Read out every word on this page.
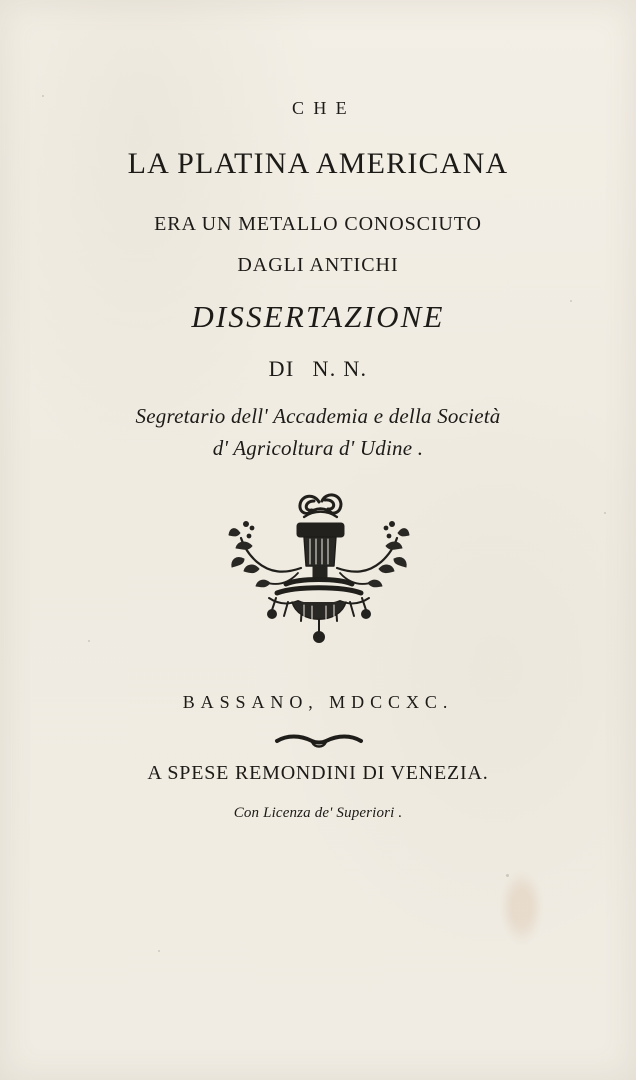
CHE
LA PLATINA AMERICANA
ERA UN METALLO CONOSCIUTO
DAGLI ANTICHI
DISSERTAZIONE
DI N. N.
Segretario dell' Accademia e della Società
d' Agricoltura d' Udine .
BASSANO, MDCCXC.
A SPESE REMONDINI DI VENEZIA.
Con Licenza de' Superiori .
